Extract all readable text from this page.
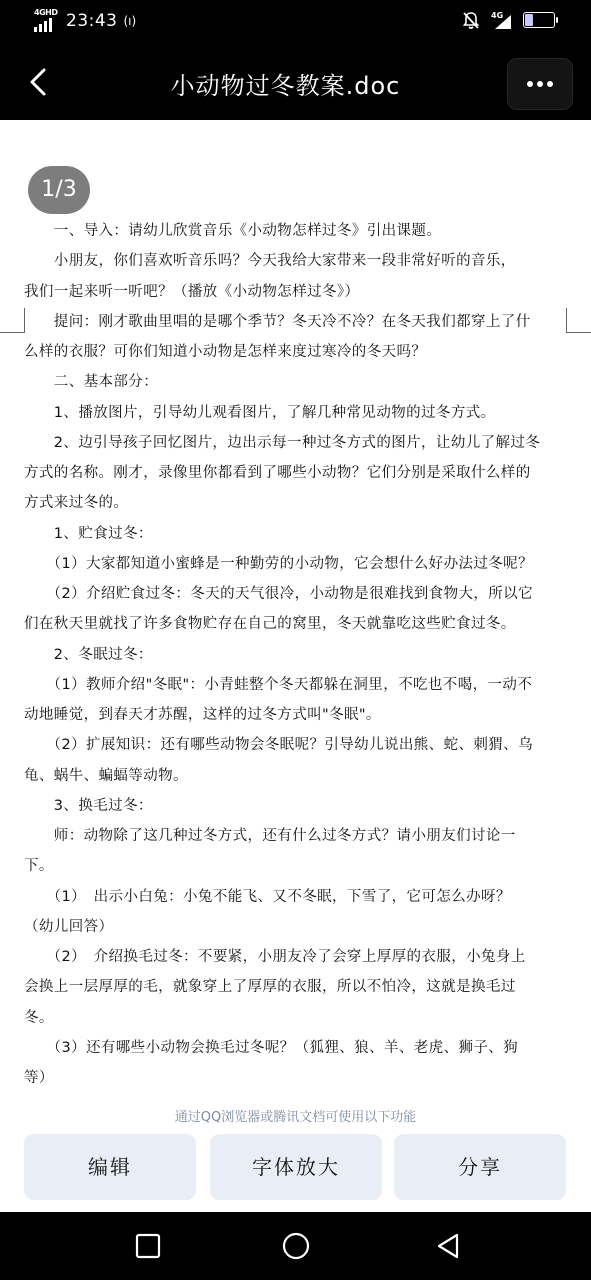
4GHD 23:43 (ı)	4G	26
小动物过冬教案.doc
1/3
　　一、导入：请幼儿欣赏音乐《小动物怎样过冬》引出课题。
　　小朋友，你们喜欢听音乐吗？今天我给大家带来一段非常好听的音乐，
我们一起来听一听吧？（播放《小动物怎样过冬》）
　　提问：刚才歌曲里唱的是哪个季节？冬天冷不冷？在冬天我们都穿上了什
么样的衣服？可你们知道小动物是怎样来度过寒冷的冬天吗？
　　二、基本部分：
　　1、播放图片，引导幼儿观看图片，了解几种常见动物的过冬方式。
　　2、边引导孩子回忆图片，边出示每一种过冬方式的图片，让幼儿了解过冬
方式的名称。刚才，录像里你都看到了哪些小动物？它们分别是采取什么样的
方式来过冬的。
　　1、贮食过冬：
　　（1）大家都知道小蜜蜂是一种勤劳的小动物，它会想什么好办法过冬呢？
　　（2）介绍贮食过冬：冬天的天气很冷，小动物是很难找到食物大，所以它
们在秋天里就找了许多食物贮存在自己的窝里，冬天就靠吃这些贮食过冬。
　　2、冬眠过冬：
　　（1）教师介绍"冬眠"：小青蛙整个冬天都躲在洞里，不吃也不喝，一动不
动地睡觉，到春天才苏醒，这样的过冬方式叫"冬眠"。
　　（2）扩展知识：还有哪些动物会冬眠呢？引导幼儿说出熊、蛇、刺猬、乌
龟、蜗牛、蝙蝠等动物。
　　3、换毛过冬：
　　师：动物除了这几种过冬方式，还有什么过冬方式？请小朋友们讨论一
下。
　　（1）　出示小白兔：小兔不能飞、又不冬眠，下雪了，它可怎么办呀？
（幼儿回答）
　　（2）　介绍换毛过冬：不要紧，小朋友冷了会穿上厚厚的衣服，小兔身上
会换上一层厚厚的毛，就象穿上了厚厚的衣服，所以不怕冷，这就是换毛过
冬。
　　（3）还有哪些小动物会换毛过冬呢？（狐狸、狼、羊、老虎、狮子、狗
等）
通过QQ浏览器或腾讯文档可使用以下功能
编辑	字体放大	分享
